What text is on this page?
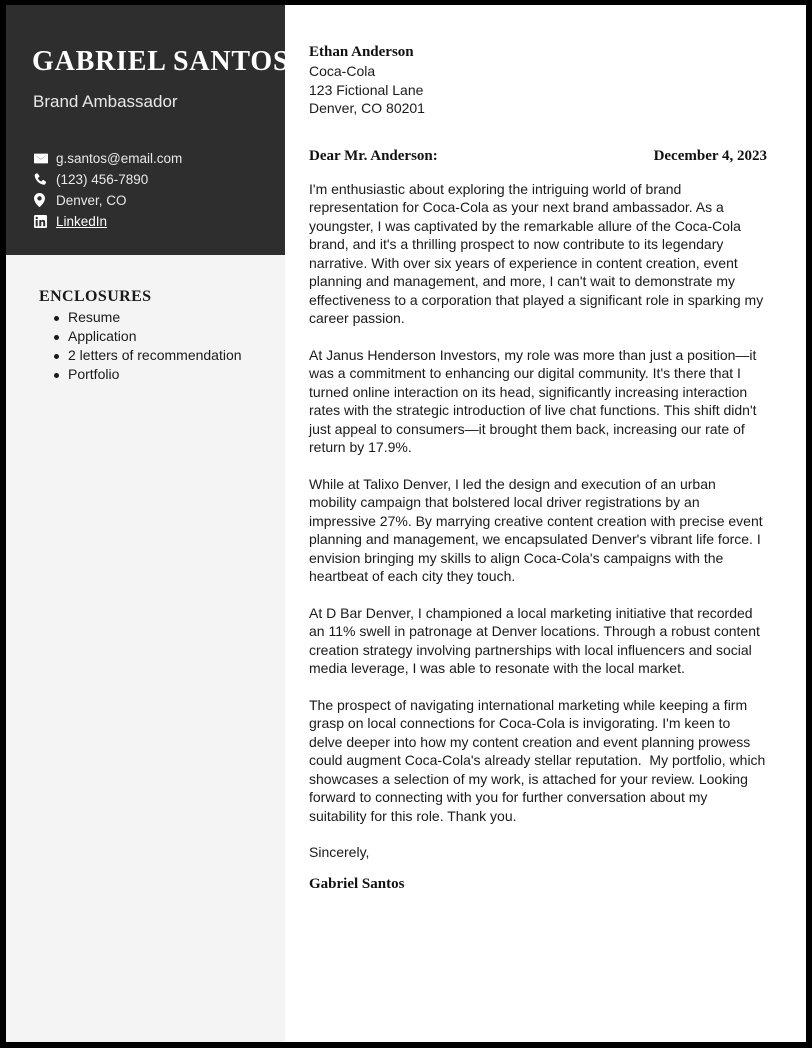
GABRIEL SANTOS
Brand Ambassador
g.santos@email.com
(123) 456-7890
Denver, CO
LinkedIn
ENCLOSURES
Resume
Application
2 letters of recommendation
Portfolio
Ethan Anderson
Coca-Cola
123 Fictional Lane
Denver, CO 80201
Dear Mr. Anderson:	December 4, 2023

I'm enthusiastic about exploring the intriguing world of brand representation for Coca-Cola as your next brand ambassador. As a youngster, I was captivated by the remarkable allure of the Coca-Cola brand, and it's a thrilling prospect to now contribute to its legendary narrative. With over six years of experience in content creation, event planning and management, and more, I can't wait to demonstrate my effectiveness to a corporation that played a significant role in sparking my career passion.

At Janus Henderson Investors, my role was more than just a position—it was a commitment to enhancing our digital community. It's there that I turned online interaction on its head, significantly increasing interaction rates with the strategic introduction of live chat functions. This shift didn't just appeal to consumers—it brought them back, increasing our rate of return by 17.9%.

While at Talixo Denver, I led the design and execution of an urban mobility campaign that bolstered local driver registrations by an impressive 27%. By marrying creative content creation with precise event planning and management, we encapsulated Denver's vibrant life force. I envision bringing my skills to align Coca-Cola's campaigns with the heartbeat of each city they touch.

At D Bar Denver, I championed a local marketing initiative that recorded an 11% swell in patronage at Denver locations. Through a robust content creation strategy involving partnerships with local influencers and social media leverage, I was able to resonate with the local market.

The prospect of navigating international marketing while keeping a firm grasp on local connections for Coca-Cola is invigorating. I'm keen to delve deeper into how my content creation and event planning prowess could augment Coca-Cola's already stellar reputation.  My portfolio, which showcases a selection of my work, is attached for your review. Looking forward to connecting with you for further conversation about my suitability for this role. Thank you.

Sincerely,

Gabriel Santos
